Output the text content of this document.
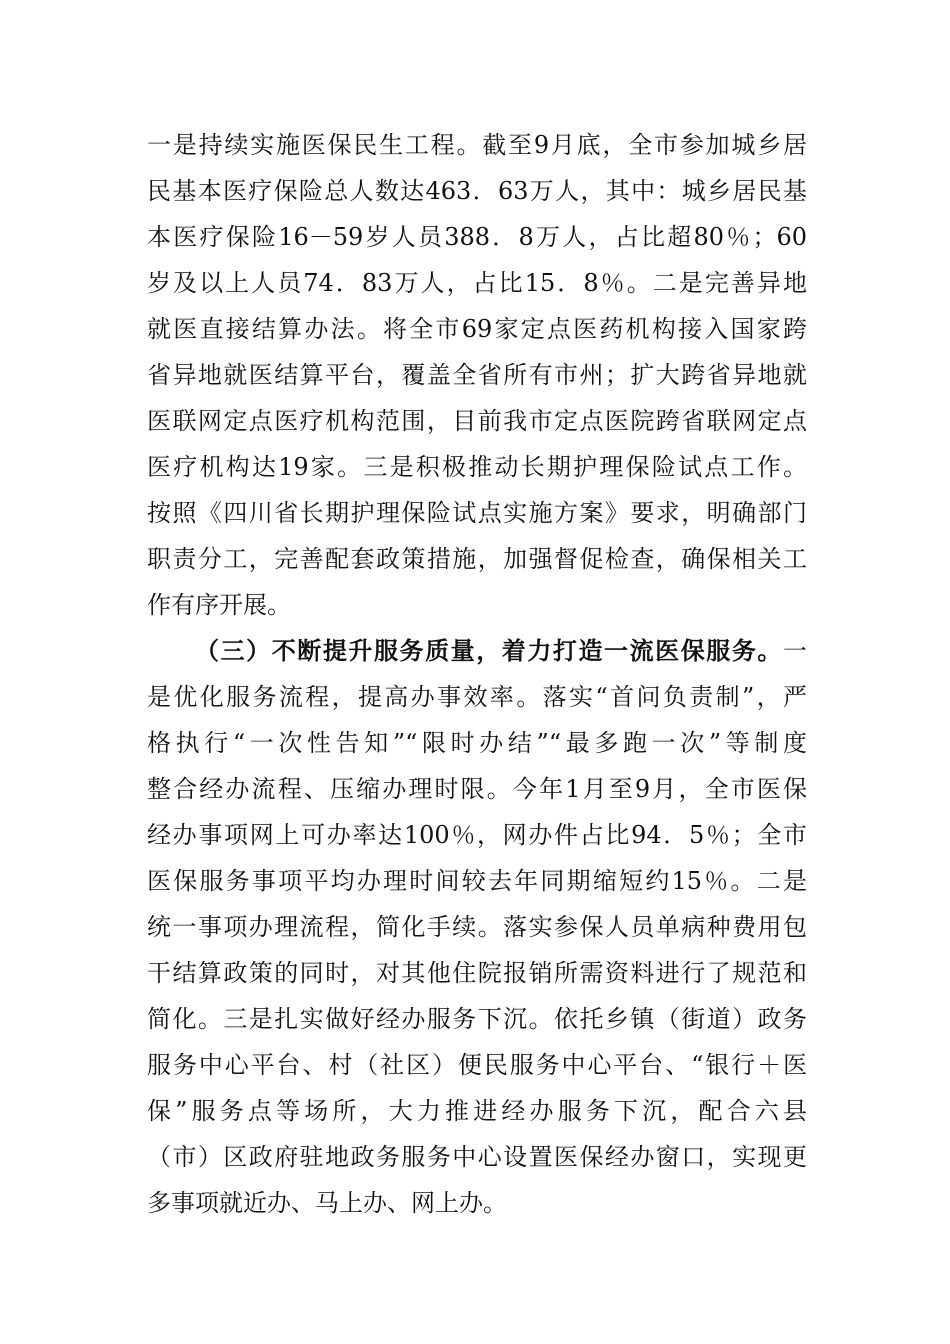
一是持续实施医保民生工程。截至9月底，全市参加城乡居
民基本医疗保险总人数达463．63万人，其中：城乡居民基
本医疗保险16－59岁人员388．8万人，占比超80％；60
岁及以上人员74．83万人，占比15．8％。二是完善异地
就医直接结算办法。将全市69家定点医药机构接入国家跨
省异地就医结算平台，覆盖全省所有市州；扩大跨省异地就
医联网定点医疗机构范围，目前我市定点医院跨省联网定点
医疗机构达19家。三是积极推动长期护理保险试点工作。
按照《四川省长期护理保险试点实施方案》要求，明确部门
职责分工，完善配套政策措施，加强督促检查，确保相关工
作有序开展。
（三）不断提升服务质量，着力打造一流医保服务。一
是优化服务流程，提高办事效率。落实“首问负责制”，严
格执行“一次性告知”“限时办结”“最多跑一次”等制度
整合经办流程、压缩办理时限。今年1月至9月，全市医保
经办事项网上可办率达100％，网办件占比94．5％；全市
医保服务事项平均办理时间较去年同期缩短约15％。二是
统一事项办理流程，简化手续。落实参保人员单病种费用包
干结算政策的同时，对其他住院报销所需资料进行了规范和
简化。三是扎实做好经办服务下沉。依托乡镇（街道）政务
服务中心平台、村（社区）便民服务中心平台、“银行＋医
保”服务点等场所，大力推进经办服务下沉，配合六县
（市）区政府驻地政务服务中心设置医保经办窗口，实现更
多事项就近办、马上办、网上办。
